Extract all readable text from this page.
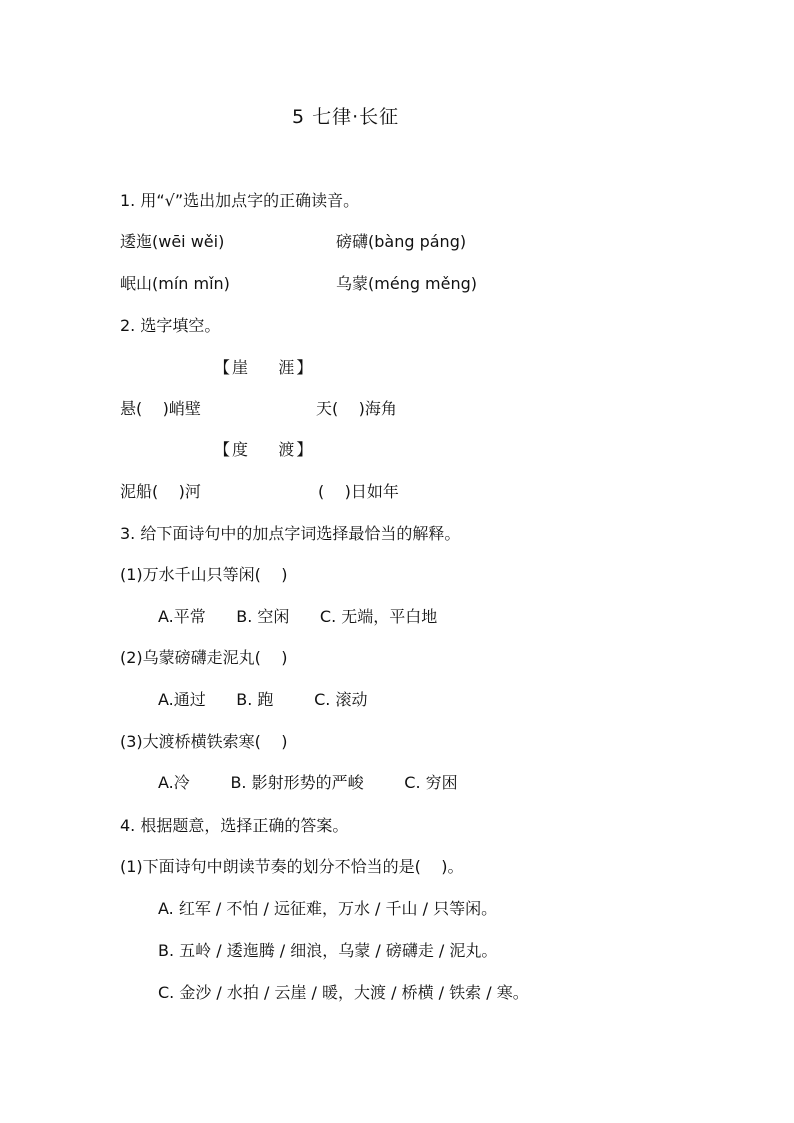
5 七律·长征
1. 用“√”选出加点字的正确读音。
逶迤(wēi wěi)	磅礴(bàng páng)
岷山(mín mǐn)	乌蒙(méng měng)
2. 选字填空。
【崖    涯】
悬(    )峭壁	天(    )海角
【度    渡】
泥船(    )河	(    )日如年
3. 给下面诗句中的加点字词选择最恰当的解释。
(1)万水千山只等闲(    )
A.平常      B. 空闲      C. 无端，平白地
(2)乌蒙磅礴走泥丸(    )
A.通过      B. 跑        C. 滚动
(3)大渡桥横铁索寒(    )
A.冷        B. 影射形势的严峻        C. 穷困
4. 根据题意，选择正确的答案。
(1)下面诗句中朗读节奏的划分不恰当的是(    )。
A. 红军 / 不怕 / 远征难，万水 / 千山 / 只等闲。
B. 五岭 / 逶迤腾 / 细浪，乌蒙 / 磅礴走 / 泥丸。
C. 金沙 / 水拍 / 云崖 / 暖，大渡 / 桥横 / 铁索 / 寒。
